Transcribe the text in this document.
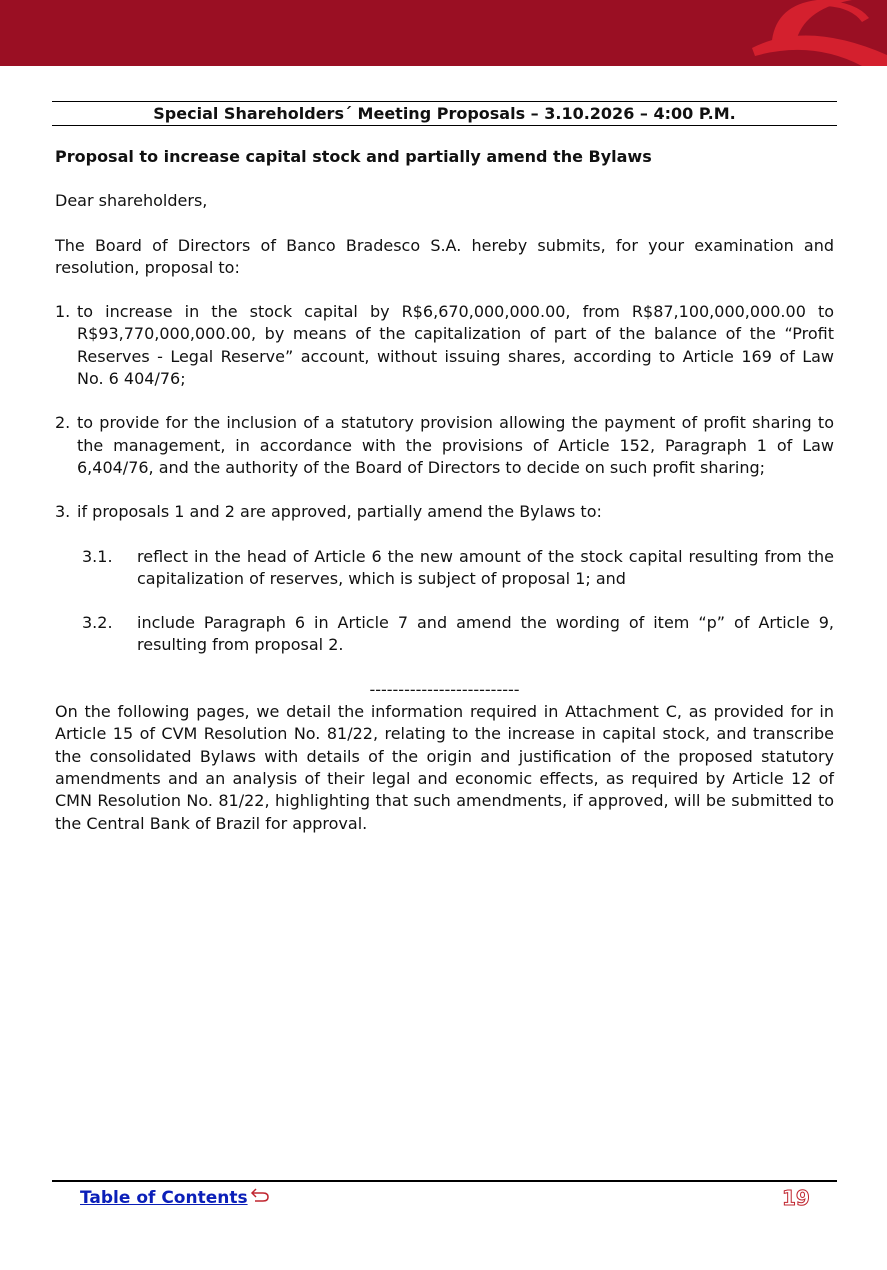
Special Shareholders´ Meeting Proposals – 3.10.2026 – 4:00 P.M.

Proposal to increase capital stock and partially amend the Bylaws

Dear shareholders,

The Board of Directors of Banco Bradesco S.A. hereby submits, for your examination and resolution, proposal to:

1. to increase in the stock capital by R$6,670,000,000.00, from R$87,100,000,000.00 to R$93,770,000,000.00, by means of the capitalization of part of the balance of the “Profit Reserves - Legal Reserve” account, without issuing shares, according to Article 169 of Law No. 6 404/76;
2. to provide for the inclusion of a statutory provision allowing the payment of profit sharing to the management, in accordance with the provisions of Article 152, Paragraph 1 of Law 6,404/76, and the authority of the Board of Directors to decide on such profit sharing;
3. if proposals 1 and 2 are approved, partially amend the Bylaws to:
3.1.	reflect in the head of Article 6 the new amount of the stock capital resulting from the capitalization of reserves, which is subject of proposal 1; and
3.2.	include Paragraph 6 in Article 7 and amend the wording of item “p” of Article 9, resulting from proposal 2.
--------------------------

On the following pages, we detail the information required in Attachment C, as provided for in Article 15 of CVM Resolution No. 81/22, relating to the increase in capital stock, and transcribe the consolidated Bylaws with details of the origin and justification of the proposed statutory amendments and an analysis of their legal and economic effects, as required by Article 12 of CMN Resolution No. 81/22, highlighting that such amendments, if approved, will be submitted to the Central Bank of Brazil for approval.

Table of Contents	19
